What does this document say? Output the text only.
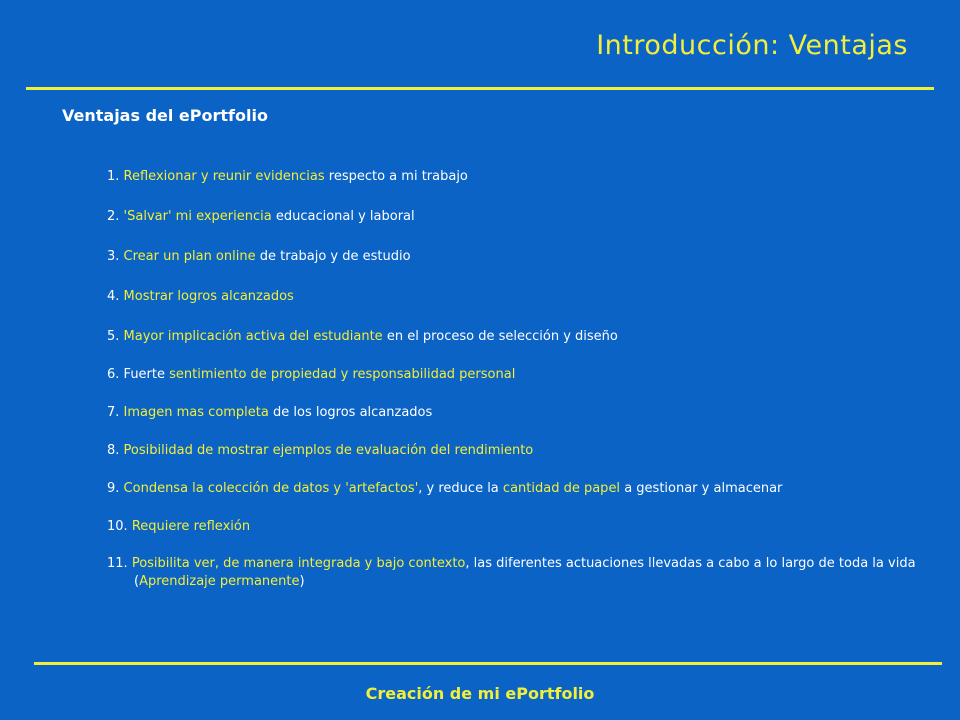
Introducción: Ventajas
Ventajas del ePortfolio
1. Reflexionar y reunir evidencias respecto a mi trabajo
2. 'Salvar' mi experiencia educacional y laboral
3. Crear un plan online de trabajo y de estudio
4. Mostrar logros alcanzados
5. Mayor implicación activa del estudiante en el proceso de selección y diseño
6. Fuerte sentimiento de propiedad y responsabilidad personal
7. Imagen mas completa de los logros alcanzados
8. Posibilidad de mostrar ejemplos de evaluación del rendimiento
9. Condensa la colección de datos y 'artefactos', y reduce la cantidad de papel a gestionar y almacenar
10. Requiere reflexión
11. Posibilita ver, de manera integrada y bajo contexto, las diferentes actuaciones llevadas a cabo a lo largo de toda la vida (Aprendizaje permanente)
Creación de mi ePortfolio
